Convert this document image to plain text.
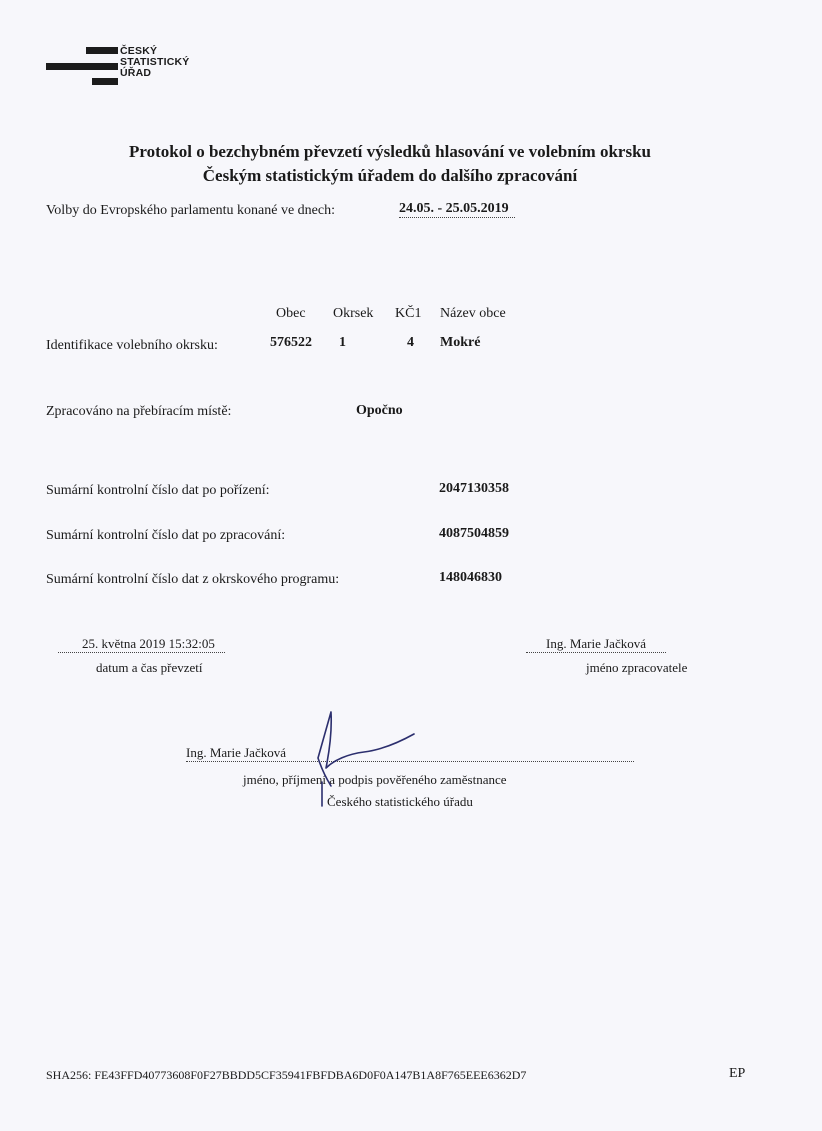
ČESKÝ
STATISTICKÝ
ÚŘAD
Protokol o bezchybném převzetí výsledků hlasování ve volebním okrsku
Českým statistickým úřadem do dalšího zpracování
Volby do Evropského parlamentu konané ve dnech:	24.05. - 25.05.2019
Obec Okrsek KČ1 Název obce
Identifikace volebního okrsku:	576522 1	4 Mokré
Zpracováno na přebíracím místě:	Opočno
Sumární kontrolní číslo dat po pořízení:	2047130358
Sumární kontrolní číslo dat po zpracování:	4087504859
Sumární kontrolní číslo dat z okrskového programu:	148046830
25. května 2019 15:32:05
datum a čas převzetí
Ing. Marie Jačková
jméno zpracovatele
Ing. Marie Jačková
jméno, příjmení a podpis pověřeného zaměstnance
Českého statistického úřadu
SHA256: FE43FFD40773608F0F27BBDD5CF35941FBFDBA6D0F0A147B1A8F765EEE6362D7	EP
